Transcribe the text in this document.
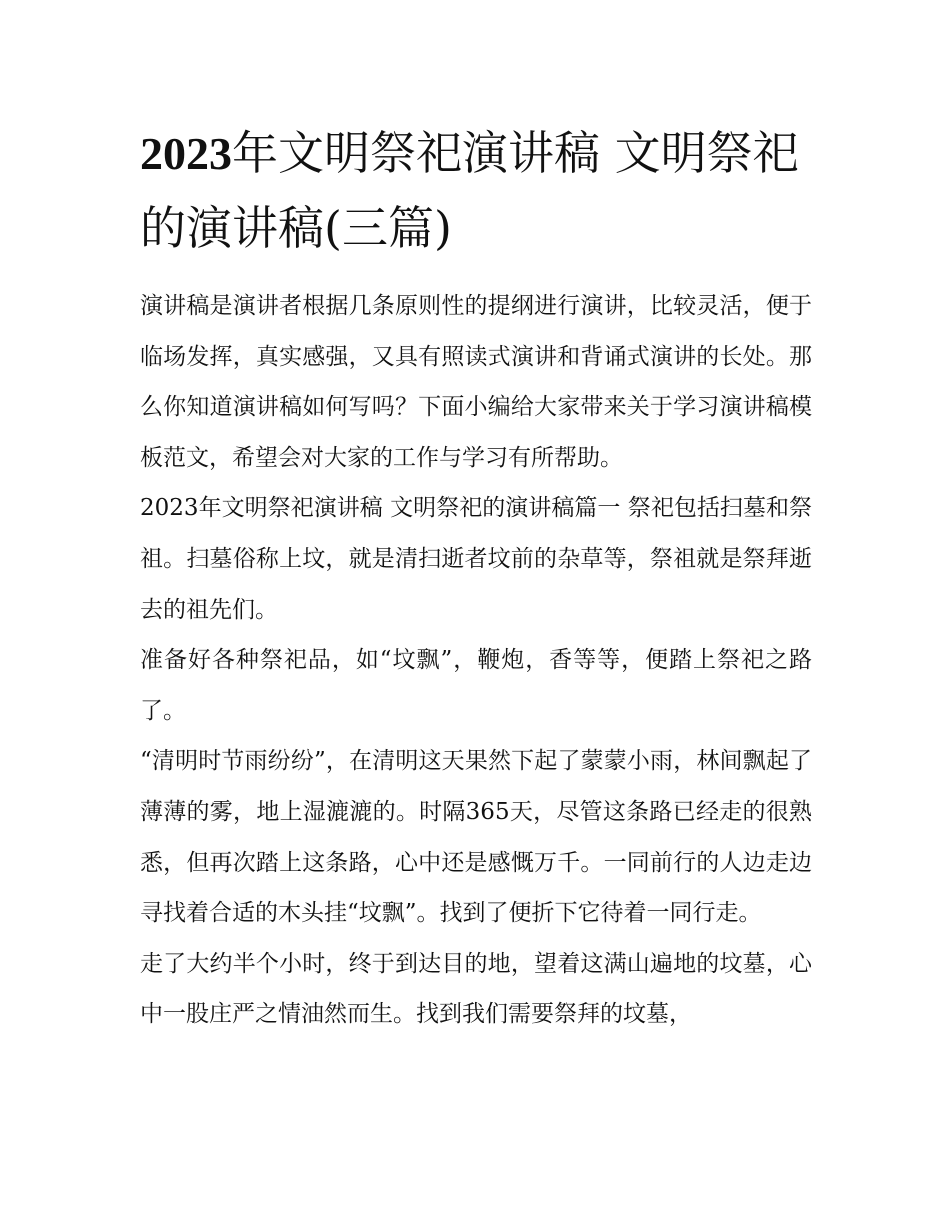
2023年文明祭祀演讲稿 文明祭祀的演讲稿(三篇)

演讲稿是演讲者根据几条原则性的提纲进行演讲，比较灵活，便于临场发挥，真实感强，又具有照读式演讲和背诵式演讲的长处。那么你知道演讲稿如何写吗？下面小编给大家带来关于学习演讲稿模板范文，希望会对大家的工作与学习有所帮助。

2023年文明祭祀演讲稿 文明祭祀的演讲稿篇一 祭祀包括扫墓和祭祖。扫墓俗称上坟，就是清扫逝者坟前的杂草等，祭祖就是祭拜逝去的祖先们。

准备好各种祭祀品，如“坟飘”，鞭炮，香等等，便踏上祭祀之路了。

“清明时节雨纷纷”，在清明这天果然下起了蒙蒙小雨，林间飘起了薄薄的雾，地上湿漉漉的。时隔365天，尽管这条路已经走的很熟悉，但再次踏上这条路，心中还是感慨万千。一同前行的人边走边寻找着合适的木头挂“坟飘”。找到了便折下它待着一同行走。

走了大约半个小时，终于到达目的地，望着这满山遍地的坟墓，心中一股庄严之情油然而生。找到我们需要祭拜的坟墓，
